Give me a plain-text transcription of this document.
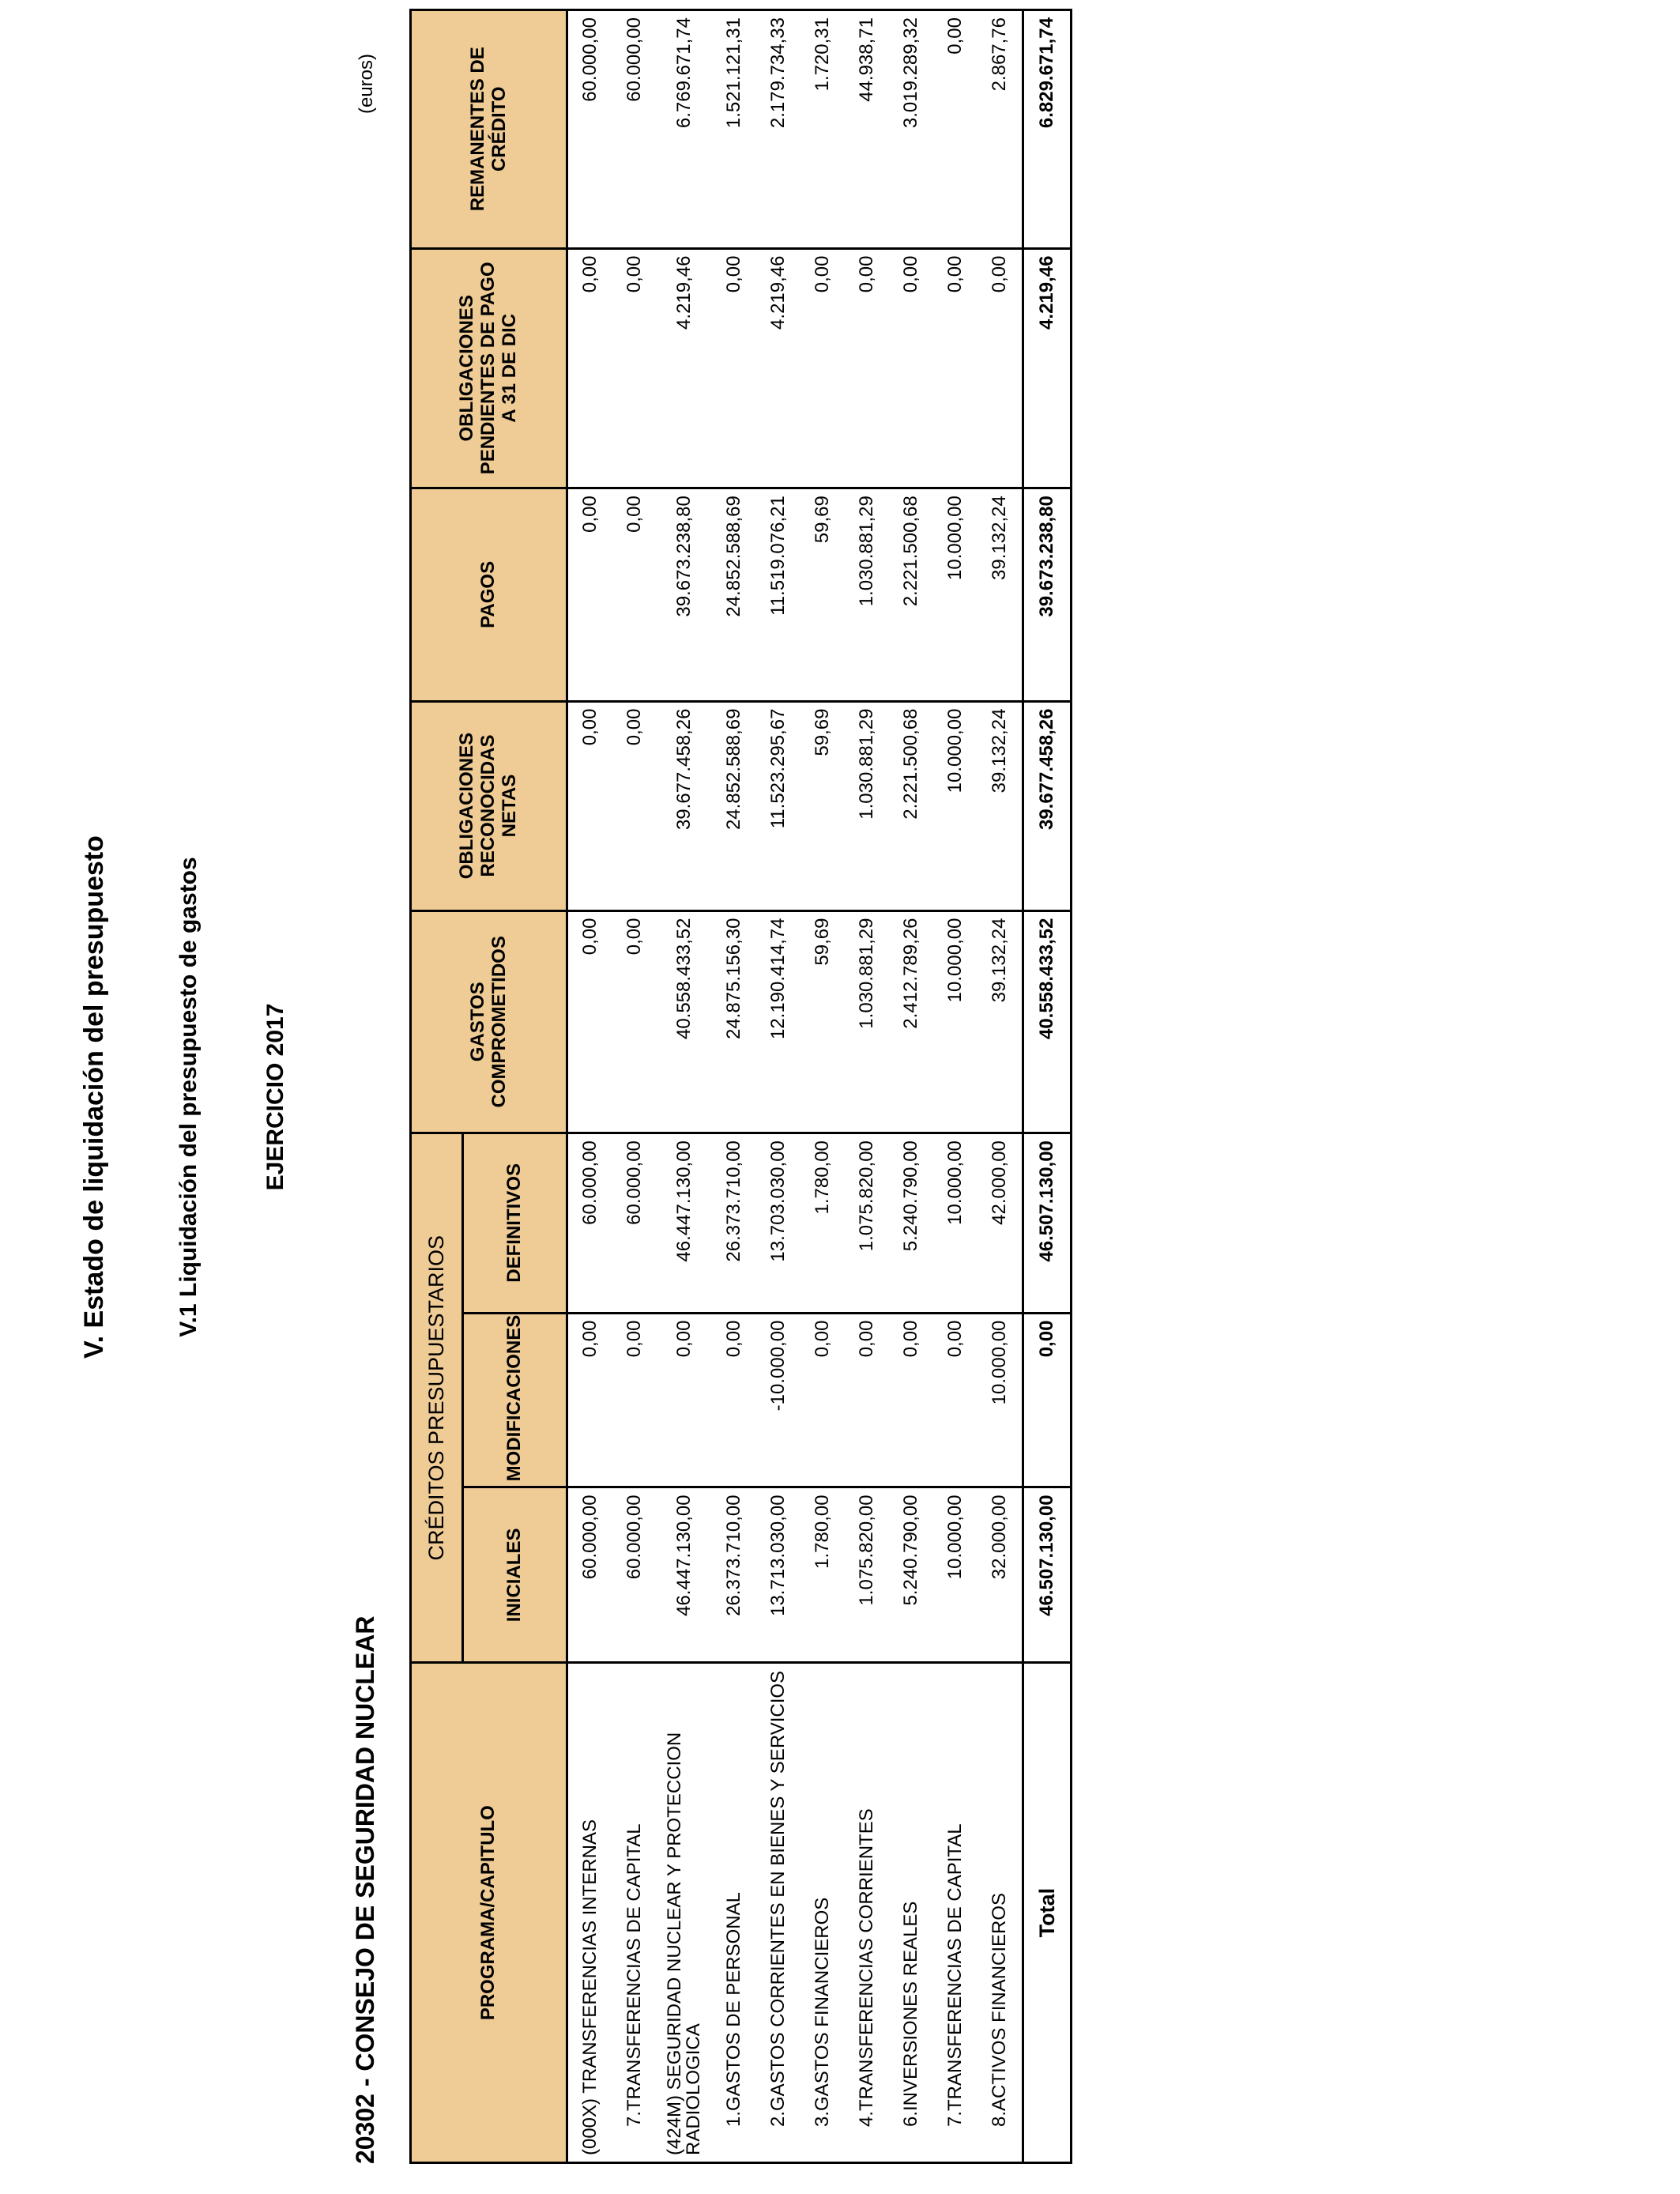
V. Estado de liquidación del presupuesto	V.1 Liquidación del presupuesto de gastos	EJERCICIO 2017
20302 - CONSEJO DE SEGURIDAD NUCLEAR
(euros)
PROGRAMA/CAPITULO	CRÉDITOS PRESUPUESTARIOS			GASTOS COMPROMETIDOS	OBLIGACIONES RECONOCIDAS NETAS	PAGOS	OBLIGACIONES PENDIENTES DE PAGO A 31 DE DIC	REMANENTES DE CRÉDITO
	INICIALES	MODIFICACIONES	DEFINITIVOS					
(000X) TRANSFERENCIAS INTERNAS	60.000,00	0,00	60.000,00	0,00	0,00	0,00	0,00	60.000,00
7.TRANSFERENCIAS DE CAPITAL	60.000,00	0,00	60.000,00	0,00	0,00	0,00	0,00	60.000,00
(424M) SEGURIDAD NUCLEAR Y PROTECCION RADIOLOGICA	46.447.130,00	0,00	46.447.130,00	40.558.433,52	39.677.458,26	39.673.238,80	4.219,46	6.769.671,74
1.GASTOS DE PERSONAL	26.373.710,00	0,00	26.373.710,00	24.875.156,30	24.852.588,69	24.852.588,69	0,00	1.521.121,31
2.GASTOS CORRIENTES EN BIENES Y SERVICIOS	13.713.030,00	-10.000,00	13.703.030,00	12.190.414,74	11.523.295,67	11.519.076,21	4.219,46	2.179.734,33
3.GASTOS FINANCIEROS	1.780,00	0,00	1.780,00	59,69	59,69	59,69	0,00	1.720,31
4.TRANSFERENCIAS CORRIENTES	1.075.820,00	0,00	1.075.820,00	1.030.881,29	1.030.881,29	1.030.881,29	0,00	44.938,71
6.INVERSIONES REALES	5.240.790,00	0,00	5.240.790,00	2.412.789,26	2.221.500,68	2.221.500,68	0,00	3.019.289,32
7.TRANSFERENCIAS DE CAPITAL	10.000,00	0,00	10.000,00	10.000,00	10.000,00	10.000,00	0,00	0,00
8.ACTIVOS FINANCIEROS	32.000,00	10.000,00	42.000,00	39.132,24	39.132,24	39.132,24	0,00	2.867,76
Total	46.507.130,00	0,00	46.507.130,00	40.558.433,52	39.677.458,26	39.673.238,80	4.219,46	6.829.671,74
